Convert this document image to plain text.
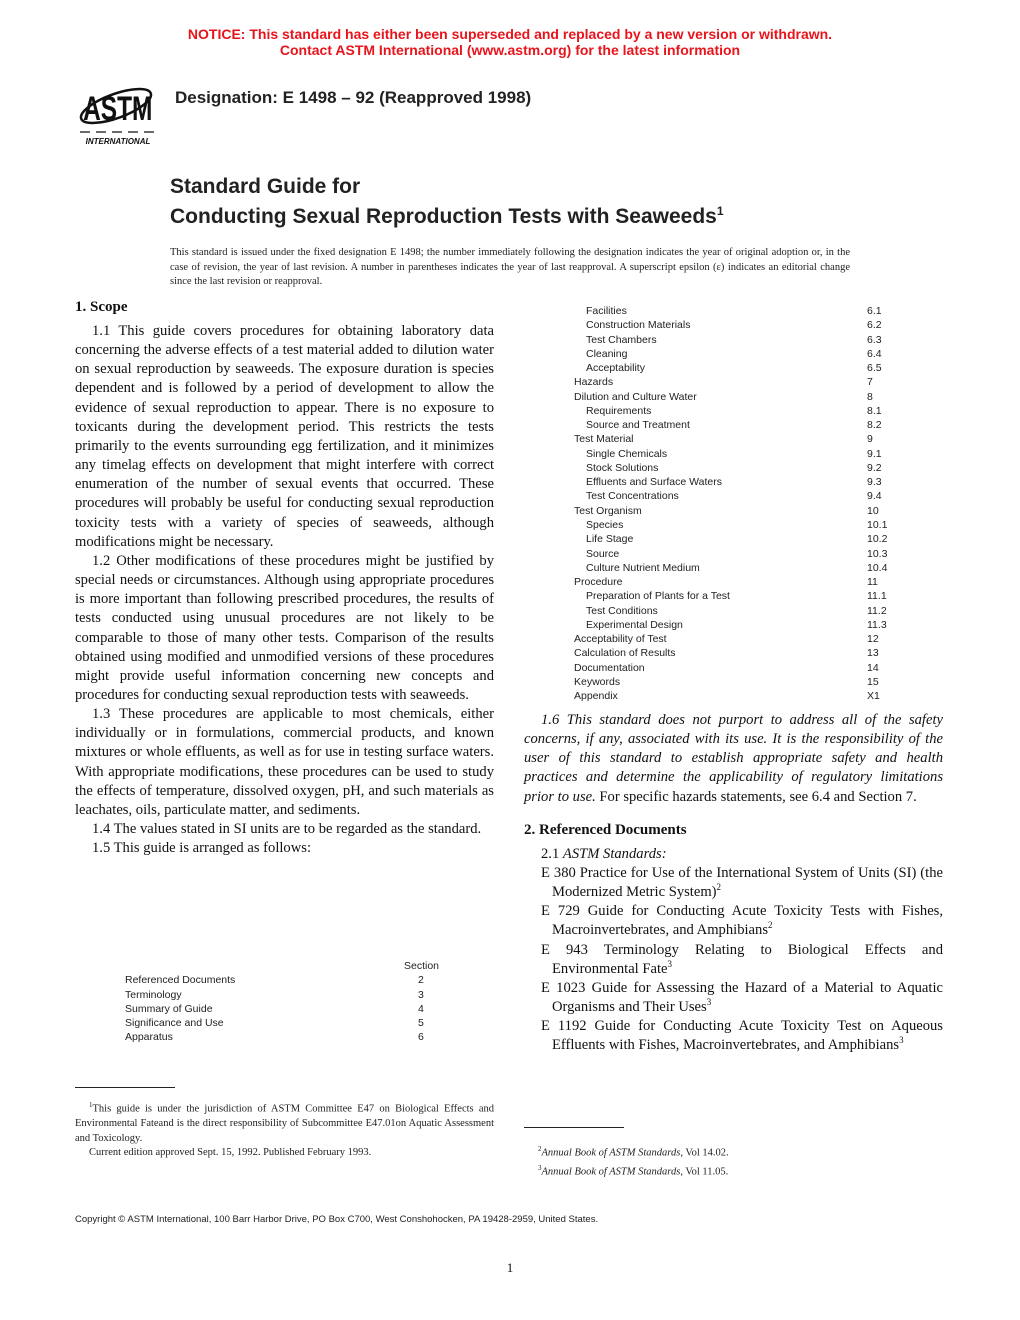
NOTICE: This standard has either been superseded and replaced by a new version or withdrawn.
Contact ASTM International (www.astm.org) for the latest information
ASTM
INTERNATIONAL
Designation: E 1498 – 92 (Reapproved 1998)
Standard Guide for
Conducting Sexual Reproduction Tests with Seaweeds$^1$
This standard is issued under the fixed designation E 1498; the number immediately following the designation indicates the year of original adoption or, in the case of revision, the year of last revision. A number in parentheses indicates the year of last reapproval. A superscript epsilon (ε) indicates an editorial change since the last revision or reapproval.
1. Scope

1.1 This guide covers procedures for obtaining laboratory data concerning the adverse effects of a test material added to dilution water on sexual reproduction by seaweeds. The exposure duration is species dependent and is followed by a period of development to allow the evidence of sexual reproduction to appear. There is no exposure to toxicants during the development period. This restricts the tests primarily to the events surrounding egg fertilization, and it minimizes any timelag effects on development that might interfere with correct enumeration of the number of sexual events that occurred. These procedures will probably be useful for conducting sexual reproduction toxicity tests with a variety of species of seaweeds, although modifications might be necessary.

1.2 Other modifications of these procedures might be justified by special needs or circumstances. Although using appropriate procedures is more important than following prescribed procedures, the results of tests conducted using unusual procedures are not likely to be comparable to those of many other tests. Comparison of the results obtained using modified and unmodified versions of these procedures might provide useful information concerning new concepts and procedures for conducting sexual reproduction tests with seaweeds.

1.3 These procedures are applicable to most chemicals, either individually or in formulations, commercial products, and known mixtures or whole effluents, as well as for use in testing surface waters. With appropriate modifications, these procedures can be used to study the effects of temperature, dissolved oxygen, pH, and such materials as leachates, oils, particulate matter, and sediments.

1.4 The values stated in SI units are to be regarded as the standard.

1.5 This guide is arranged as follows:

Section
Referenced Documents	2
Terminology	3
Summary of Guide	4
Significance and Use	5
Apparatus	6

$^1$This guide is under the jurisdiction of ASTM Committee E47 on Biological Effects and Environmental Fateand is the direct responsibility of Subcommittee E47.01on Aquatic Assessment and Toxicology.

Current edition approved Sept. 15, 1992. Published February 1993.

Facilities	6.1
Construction Materials	6.2
Test Chambers	6.3
Cleaning	6.4
Acceptability	6.5
Hazards	7
Dilution and Culture Water	8
Requirements	8.1
Source and Treatment	8.2
Test Material	9
Single Chemicals	9.1
Stock Solutions	9.2
Effluents and Surface Waters	9.3
Test Concentrations	9.4
Test Organism	10
Species	10.1
Life Stage	10.2
Source	10.3
Culture Nutrient Medium	10.4
Procedure	11
Preparation of Plants for a Test	11.1
Test Conditions	11.2
Experimental Design	11.3
Acceptability of Test	12
Calculation of Results	13
Documentation	14
Keywords	15
Appendix	X1

1.6 This standard does not purport to address all of the safety concerns, if any, associated with its use. It is the responsibility of the user of this standard to establish appropriate safety and health practices and determine the applicability of regulatory limitations prior to use. For specific hazards statements, see 6.4 and Section 7.

2. Referenced Documents

2.1 ASTM Standards:

E 380 Practice for Use of the International System of Units (SI) (the Modernized Metric System)$^2$

E 729 Guide for Conducting Acute Toxicity Tests with Fishes, Macroinvertebrates, and Amphibians$^2$

E 943 Terminology Relating to Biological Effects and Environmental Fate$^3$

E 1023 Guide for Assessing the Hazard of a Material to Aquatic Organisms and Their Uses$^3$

E 1192 Guide for Conducting Acute Toxicity Test on Aqueous Effluents with Fishes, Macroinvertebrates, and Amphibians$^3$

$^2$Annual Book of ASTM Standards, Vol 14.02.
$^3$Annual Book of ASTM Standards, Vol 11.05.
Copyright © ASTM International, 100 Barr Harbor Drive, PO Box C700, West Conshohocken, PA 19428-2959, United States.
1
